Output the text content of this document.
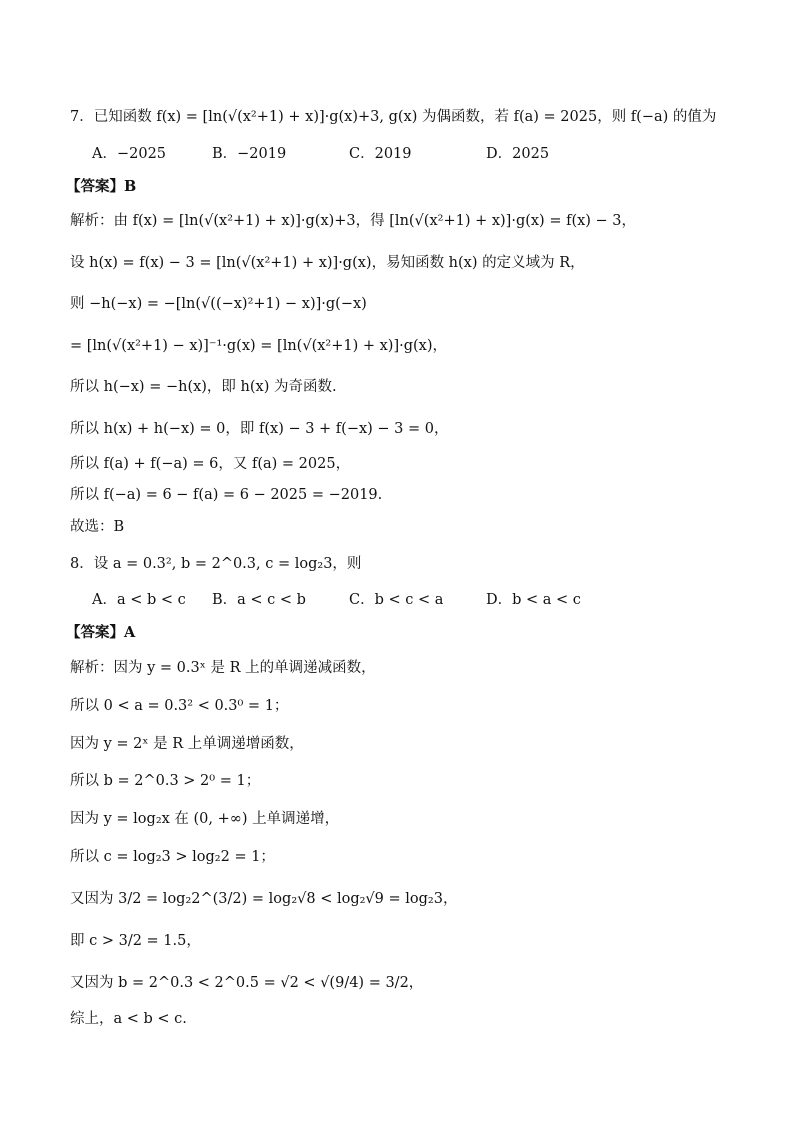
7．已知函数 f(x) = [ln(√(x²+1) + x)]·g(x)+3, g(x) 为偶函数，若 f(a) = 2025，则 f(−a) 的值为
A．−2025	B．−2019	C．2019	D．2025
【答案】B
解析：由 f(x) = [ln(√(x²+1) + x)]·g(x)+3，得 [ln(√(x²+1) + x)]·g(x) = f(x) − 3，
设 h(x) = f(x) − 3 = [ln(√(x²+1) + x)]·g(x)，易知函数 h(x) 的定义域为 R，
则 −h(−x) = −[ln(√((−x)²+1) − x)]·g(−x)
= [ln(√(x²+1) − x)]⁻¹·g(x) = [ln(√(x²+1) + x)]·g(x)，
所以 h(−x) = −h(x)，即 h(x) 为奇函数.
所以 h(x) + h(−x) = 0，即 f(x) − 3 + f(−x) − 3 = 0，
所以 f(a) + f(−a) = 6，又 f(a) = 2025，
所以 f(−a) = 6 − f(a) = 6 − 2025 = −2019.
故选：B
8．设 a = 0.3², b = 2^0.3, c = log₂3，则
A．a < b < c B．a < c < b	C．b < c < a	D．b < a < c
【答案】A
解析：因为 y = 0.3ˣ 是 R 上的单调递减函数，
所以 0 < a = 0.3² < 0.3⁰ = 1；
因为 y = 2ˣ 是 R 上单调递增函数，
所以 b = 2^0.3 > 2⁰ = 1；
因为 y = log₂x 在 (0, +∞) 上单调递增，
所以 c = log₂3 > log₂2 = 1；
又因为 3/2 = log₂2^(3/2) = log₂√8 < log₂√9 = log₂3，
即 c > 3/2 = 1.5，
又因为 b = 2^0.3 < 2^0.5 = √2 < √(9/4) = 3/2，
综上，a < b < c.
